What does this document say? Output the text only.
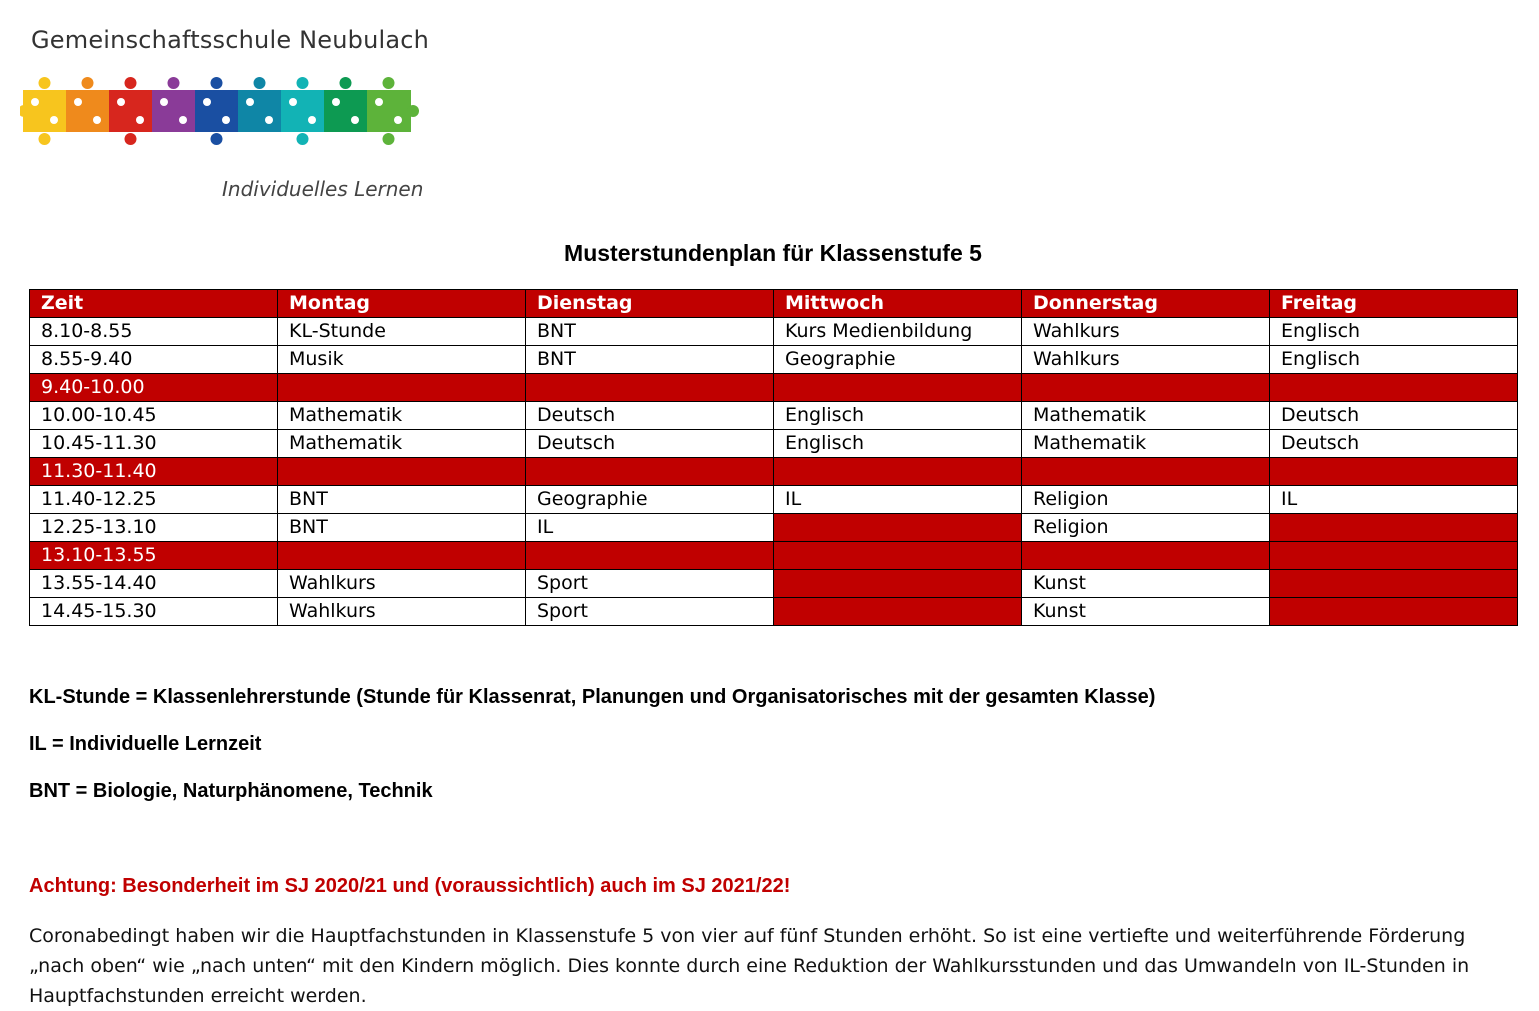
Gemeinschaftsschule Neubulach
Individuelles Lernen
Musterstundenplan für Klassenstufe 5
Zeit	Montag	Dienstag	Mittwoch	Donnerstag	Freitag
8.10-8.55	KL-Stunde	BNT	Kurs Medienbildung	Wahlkurs	Englisch
8.55-9.40	Musik	BNT	Geographie	Wahlkurs	Englisch
9.40-10.00					
10.00-10.45	Mathematik	Deutsch	Englisch	Mathematik	Deutsch
10.45-11.30	Mathematik	Deutsch	Englisch	Mathematik	Deutsch
11.30-11.40					
11.40-12.25	BNT	Geographie	IL	Religion	IL
12.25-13.10	BNT	IL		Religion	
13.10-13.55					
13.55-14.40	Wahlkurs	Sport		Kunst	
14.45-15.30	Wahlkurs	Sport		Kunst	
KL-Stunde = Klassenlehrerstunde (Stunde für Klassenrat, Planungen und Organisatorisches mit der gesamten Klasse)
IL = Individuelle Lernzeit
BNT = Biologie, Naturphänomene, Technik
Achtung: Besonderheit im SJ 2020/21 und (voraussichtlich) auch im SJ 2021/22!
Coronabedingt haben wir die Hauptfachstunden in Klassenstufe 5 von vier auf fünf Stunden erhöht. So ist eine vertiefte und weiterführende Förderung „nach oben“ wie „nach unten“ mit den Kindern möglich. Dies konnte durch eine Reduktion der Wahlkursstunden und das Umwandeln von IL-Stunden in Hauptfachstunden erreicht werden.
